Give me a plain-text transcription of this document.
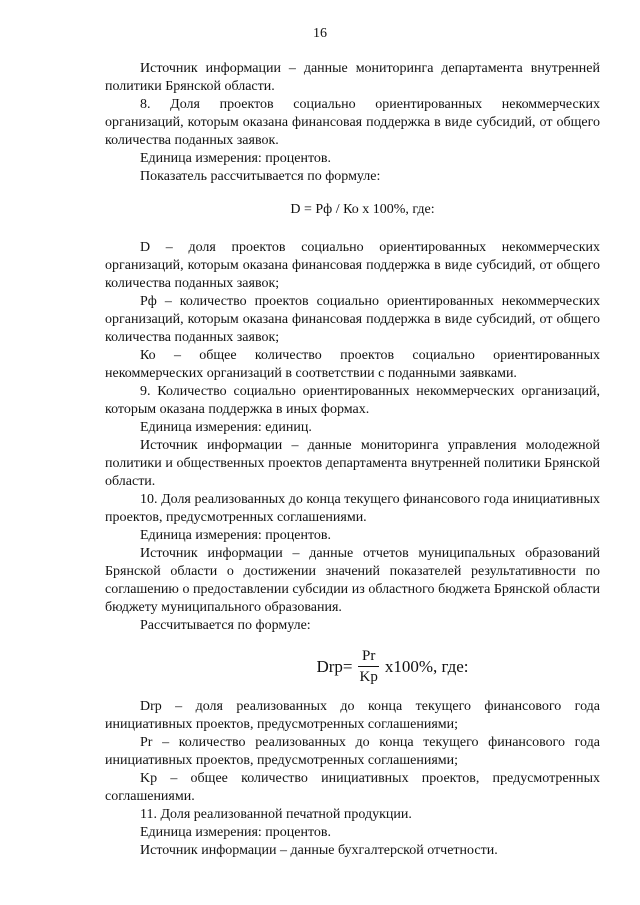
16

Источник информации – данные мониторинга департамента внутренней политики Брянской области.

8. Доля проектов социально ориентированных некоммерческих организаций, которым оказана финансовая поддержка в виде субсидий, от общего количества поданных заявок.

Единица измерения: процентов.

Показатель рассчитывается по формуле:

D = Рф / Ко х 100%, где:

D – доля проектов социально ориентированных некоммерческих организаций, которым оказана финансовая поддержка в виде субсидий, от общего количества поданных заявок;

Рф – количество проектов социально ориентированных некоммерческих организаций, которым оказана финансовая поддержка в виде субсидий, от общего количества поданных заявок;

Ко – общее количество проектов социально ориентированных некоммерческих организаций в соответствии с поданными заявками.

9. Количество социально ориентированных некоммерческих организаций, которым оказана поддержка в иных формах.

Единица измерения: единиц.

Источник информации – данные мониторинга управления молодежной политики и общественных проектов департамента внутренней политики Брянской области.

10. Доля реализованных до конца текущего финансового года инициативных проектов, предусмотренных соглашениями.

Единица измерения: процентов.

Источник информации – данные отчетов муниципальных образований Брянской области о достижении значений показателей результативности по соглашению о предоставлении субсидии из областного бюджета Брянской области бюджету муниципального образования.

Рассчитывается по формуле:

$Drp= \frac{Pr}{Kp} x100\%$, где:

Drp – доля реализованных до конца текущего финансового года инициативных проектов, предусмотренных соглашениями;

Pr – количество реализованных до конца текущего финансового года инициативных проектов, предусмотренных соглашениями;

Kp – общее количество инициативных проектов, предусмотренных соглашениями.

11. Доля реализованной печатной продукции.

Единица измерения: процентов.

Источник информации – данные бухгалтерской отчетности.
